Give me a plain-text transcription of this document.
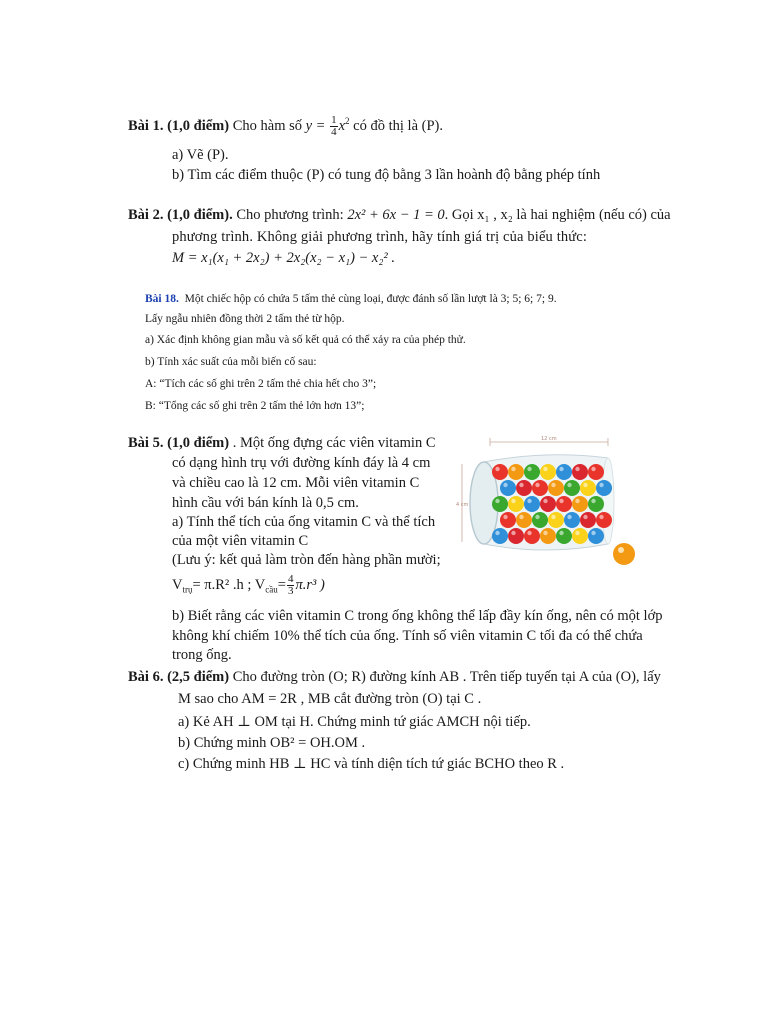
Bài 1. (1,0 điểm) Cho hàm số $y = \frac{1}{4} x^2$ có đồ thị là (P).
a) Vẽ (P).
b) Tìm các điểm thuộc (P) có tung độ bằng 3 lần hoành độ bằng phép tính
Bài 2. (1,0 điểm). Cho phương trình: 2x² + 6x − 1 = 0. Gọi x₁ , x₂ là hai nghiệm (nếu có) của
phương trình. Không giải phương trình, hãy tính giá trị của biểu thức:
M = x₁(x₁ + 2x₂) + 2x₂(x₂ − x₁) − x₂² .
Bài 18. Một chiếc hộp có chứa 5 tấm thẻ cùng loại, được đánh số lần lượt là 3; 5; 6; 7; 9.
Lấy ngẫu nhiên đồng thời 2 tấm thẻ từ hộp.
a) Xác định không gian mẫu và số kết quả có thể xảy ra của phép thử.
b) Tính xác suất của mỗi biến cố sau:
A: “Tích các số ghi trên 2 tấm thẻ chia hết cho 3”;
B: “Tổng các số ghi trên 2 tấm thẻ lớn hơn 13”;
Bài 5. (1,0 điểm) . Một ống đựng các viên vitamin C
có dạng hình trụ với đường kính đáy là 4 cm
và chiều cao là 12 cm. Mỗi viên vitamin C
hình cầu với bán kính là 0,5 cm.
a) Tính thể tích của ống vitamin C và thể tích
của một viên vitamin C
(Lưu ý: kết quả làm tròn đến hàng phần mười;
$V_{trụ}= \pi.R^2$ .h ; $V_{cầu}= \frac{4}{3} \pi.r^3$ )
b) Biết rằng các viên vitamin C trong ống không thể lấp đầy kín ống, nên có một lớp
không khí chiếm 10% thể tích của ống. Tính số viên vitamin C tối đa có thể chứa
trong ống.
12 cm
4 cm
Bài 6. (2,5 điểm) Cho đường tròn (O; R) đường kính AB . Trên tiếp tuyến tại A của (O), lấy
M sao cho AM = 2R , MB cắt đường tròn (O) tại C .
a) Kẻ AH ⊥ OM tại H. Chứng minh tứ giác AMCH nội tiếp.
b) Chứng minh OB² = OH.OM .
c) Chứng minh HB ⊥ HC và tính diện tích tứ giác BCHO theo R .
